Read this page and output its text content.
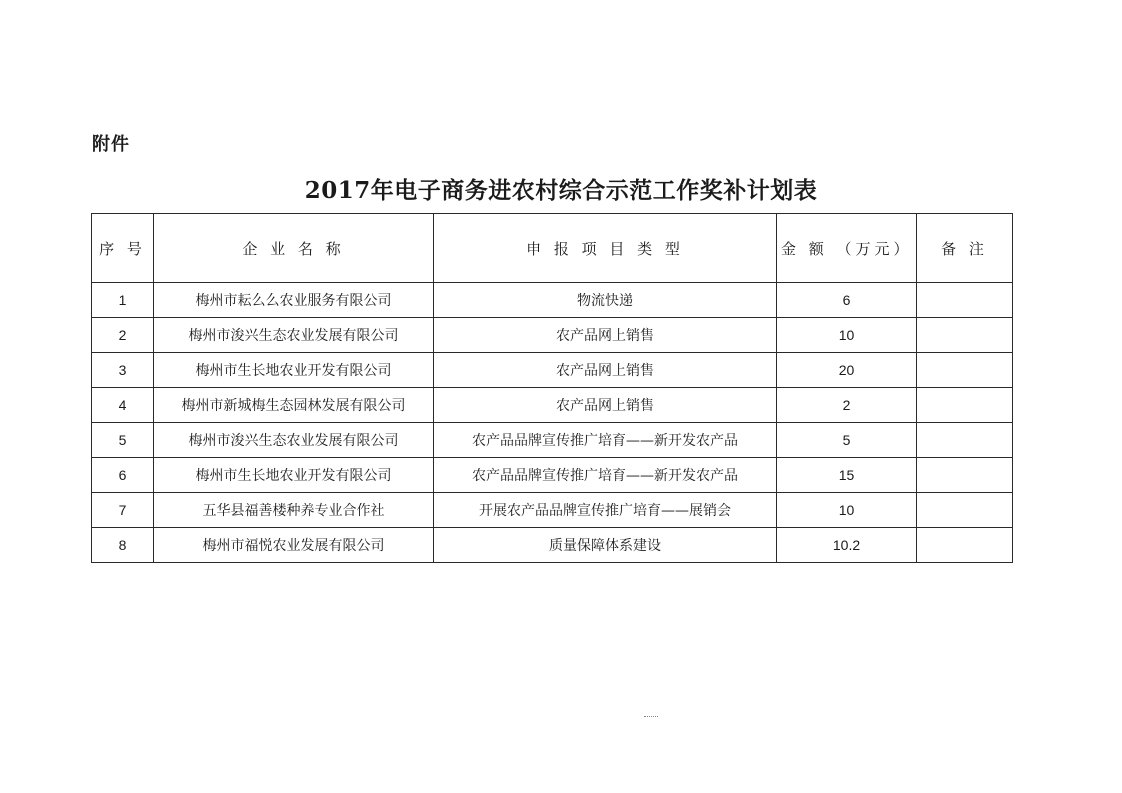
附件
2017年电子商务进农村综合示范工作奖补计划表
序 号	企 业 名 称	申 报 项 目 类 型	金 额 （万元）	备 注
1	梅州市耘么么农业服务有限公司	物流快递	6	
2	梅州市浚兴生态农业发展有限公司	农产品网上销售	10	
3	梅州市生长地农业开发有限公司	农产品网上销售	20	
4	梅州市新城梅生态园林发展有限公司	农产品网上销售	2	
5	梅州市浚兴生态农业发展有限公司	农产品品牌宣传推广培育——新开发农产品	5	
6	梅州市生长地农业开发有限公司	农产品品牌宣传推广培育——新开发农产品	15	
7	五华县福善楼种养专业合作社	开展农产品品牌宣传推广培育——展销会	10	
8	梅州市福悦农业发展有限公司	质量保障体系建设	10.2	
